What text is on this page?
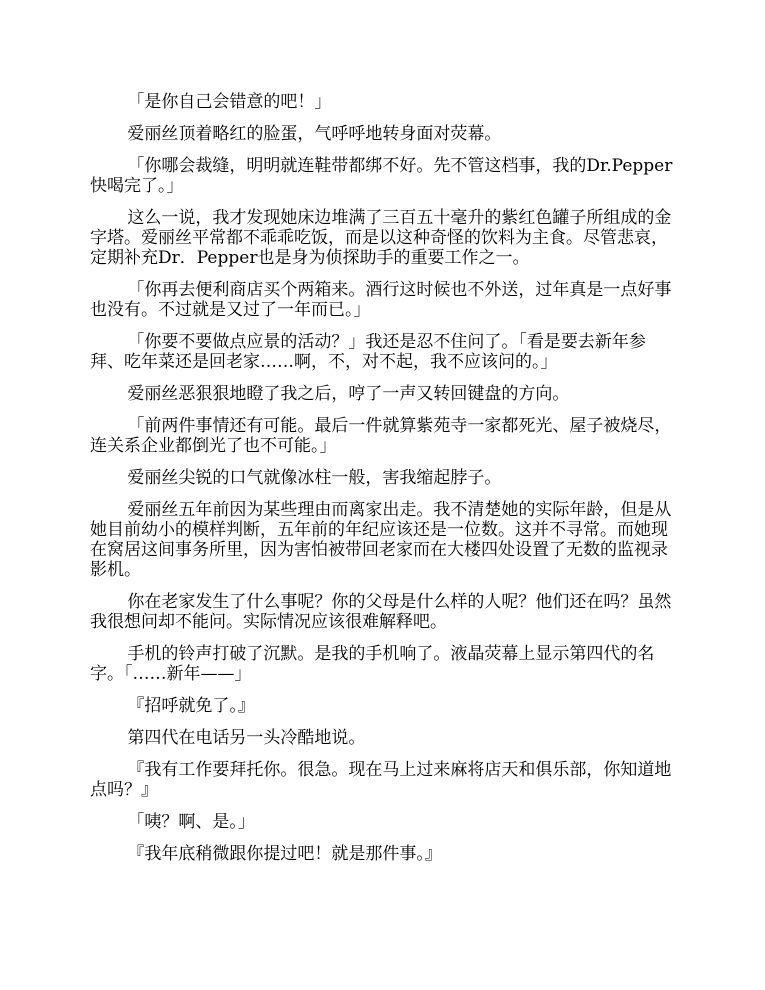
「是你自己会错意的吧！」

爱丽丝顶着略红的脸蛋，气呼呼地转身面对荧幕。

「你哪会裁缝，明明就连鞋带都绑不好。先不管这档事，我的Dr.Pepper快喝完了。」

这么一说，我才发现她床边堆满了三百五十毫升的紫红色罐子所组成的金字塔。爱丽丝平常都不乖乖吃饭，而是以这种奇怪的饮料为主食。尽管悲哀，定期补充Dr．Pepper也是身为侦探助手的重要工作之一。

「你再去便利商店买个两箱来。酒行这时候也不外送，过年真是一点好事也没有。不过就是又过了一年而已。」

「你要不要做点应景的活动？」我还是忍不住问了。「看是要去新年参拜、吃年菜还是回老家……啊，不，对不起，我不应该问的。」

爱丽丝恶狠狠地瞪了我之后，哼了一声又转回键盘的方向。

「前两件事情还有可能。最后一件就算紫苑寺一家都死光、屋子被烧尽，连关系企业都倒光了也不可能。」

爱丽丝尖锐的口气就像冰柱一般，害我缩起脖子。

爱丽丝五年前因为某些理由而离家出走。我不清楚她的实际年龄，但是从她目前幼小的模样判断，五年前的年纪应该还是一位数。这并不寻常。而她现在窝居这间事务所里，因为害怕被带回老家而在大楼四处设置了无数的监视录影机。

你在老家发生了什么事呢？你的父母是什么样的人呢？他们还在吗？虽然我很想问却不能问。实际情况应该很难解释吧。

手机的铃声打破了沉默。是我的手机响了。液晶荧幕上显示第四代的名字。「……新年——」

『招呼就免了。』

第四代在电话另一头冷酷地说。

『我有工作要拜托你。很急。现在马上过来麻将店天和俱乐部，你知道地点吗？』

「咦？啊、是。」

『我年底稍微跟你提过吧！就是那件事。』
